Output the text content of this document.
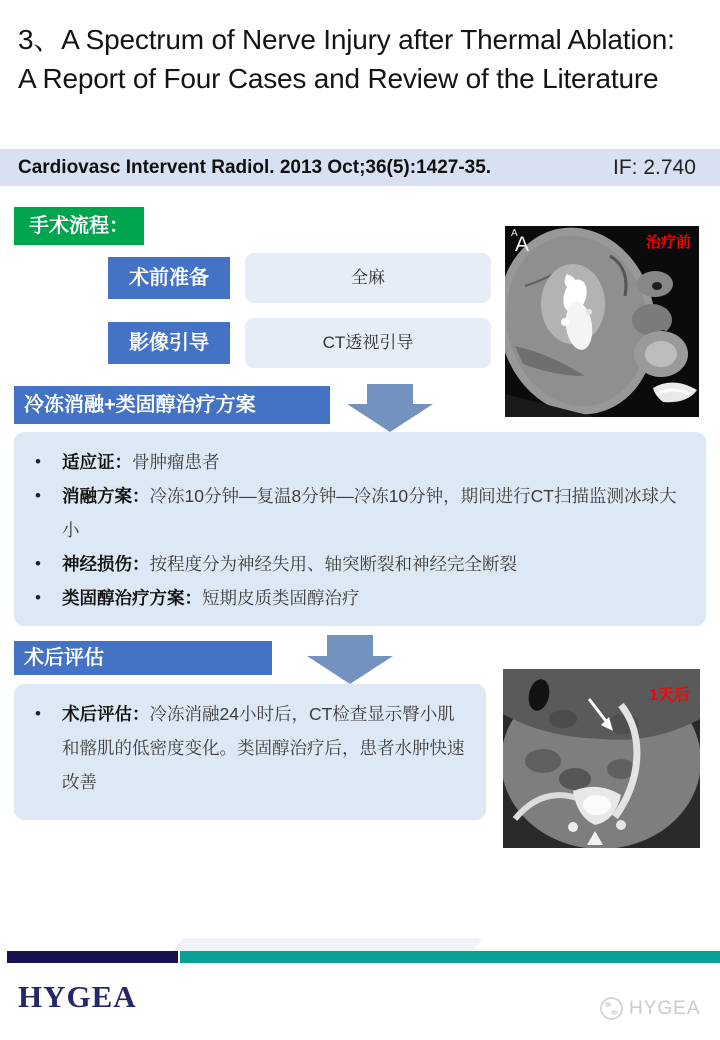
3、A Spectrum of Nerve Injury after Thermal Ablation: A Report of Four Cases and Review of the Literature
Cardiovasc Intervent Radiol. 2013 Oct;36(5):1427-35.	IF: 2.740
手术流程：
术前准备	全麻
影像引导	CT透视引导
冷冻消融+类固醇治疗方案
• 适应证：骨肿瘤患者
• 消融方案：冷冻10分钟—复温8分钟—冷冻10分钟，期间进行CT扫描监测冰球大小
• 神经损伤：按程度分为神经失用、轴突断裂和神经完全断裂
• 类固醇治疗方案：短期皮质类固醇治疗
术后评估
• 术后评估：冷冻消融24小时后，CT检查显示臀小肌和髂肌的低密度变化。类固醇治疗后，患者水肿快速改善
A
A	治疗前
1天后
HYGEA	HYGEA
